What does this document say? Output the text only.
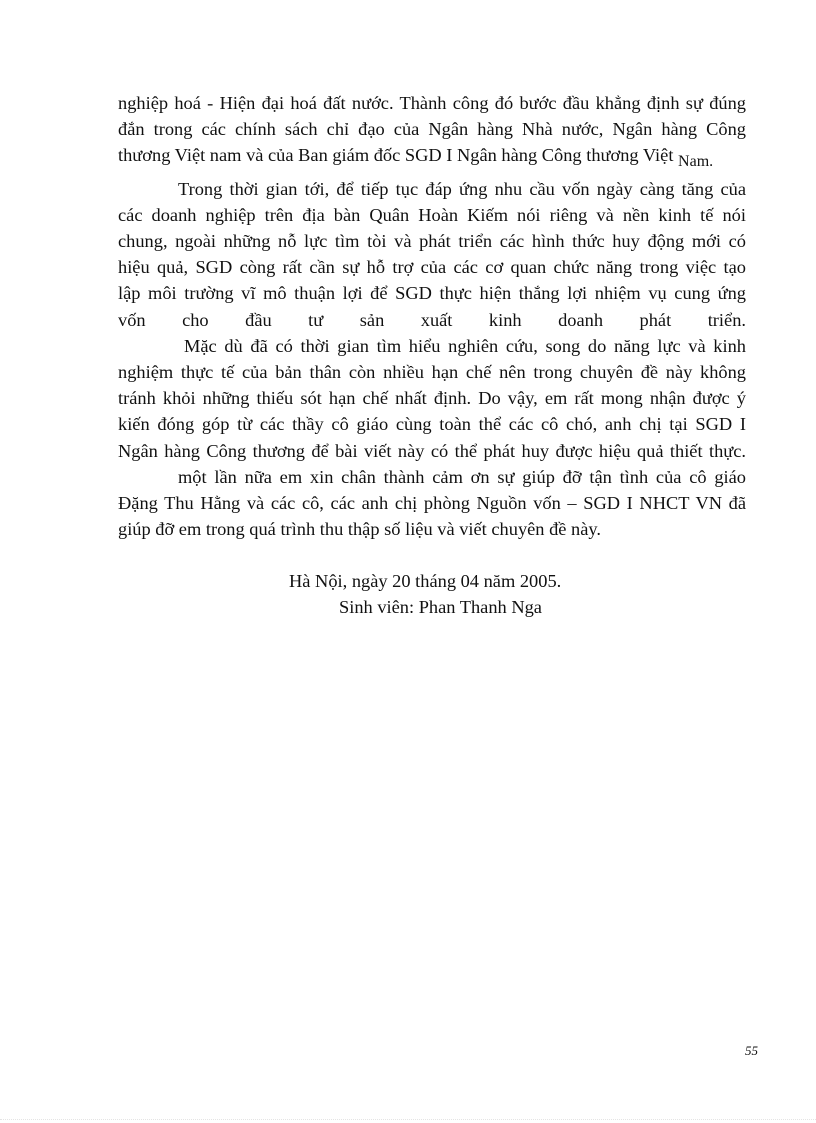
nghiệp hoá - Hiện đại hoá đất nước. Thành công đó bước đầu khẳng định sự đúng
đắn trong các chính sách chỉ đạo của Ngân hàng Nhà nước, Ngân hàng Công
thương Việt nam và của Ban giám đốc SGD I Ngân hàng Công thương Việt Nam.

Trong thời gian tới, để tiếp tục đáp ứng nhu cầu vốn ngày càng tăng của
các doanh nghiệp trên địa bàn Quân Hoàn Kiếm nói riêng và nền kinh tế nói
chung, ngoài những nỗ lực tìm tòi và phát triển các hình thức huy động mới có
hiệu quả, SGD còng rất cần sự hỗ trợ của các cơ quan chức năng trong việc tạo
lập môi trường vĩ mô thuận lợi để SGD thực hiện thắng lợi nhiệm vụ cung ứng
vốn cho đầu tư sản xuất kinh doanh phát triển.

Mặc dù đã có thời gian tìm hiểu nghiên cứu, song do năng lực và kinh
nghiệm thực tế của bản thân còn nhiều hạn chế nên trong chuyên đề này không
tránh khỏi những thiếu sót hạn chế nhất định. Do vậy, em rất mong nhận được ý
kiến đóng góp từ các thầy cô giáo cùng toàn thể các cô chó, anh chị tại SGD I
Ngân hàng Công thương để bài viết này có thể phát huy được hiệu quả thiết thực.

một lần nữa em xin chân thành cảm ơn sự giúp đỡ tận tình của cô giáo
Đặng Thu Hằng và các cô, các anh chị phòng Nguồn vốn – SGD I NHCT VN đã
giúp đỡ em trong quá trình thu thập số liệu và viết chuyên đề này.

Hà Nội, ngày 20 tháng 04 năm 2005.
Sinh viên: Phan Thanh Nga
55
